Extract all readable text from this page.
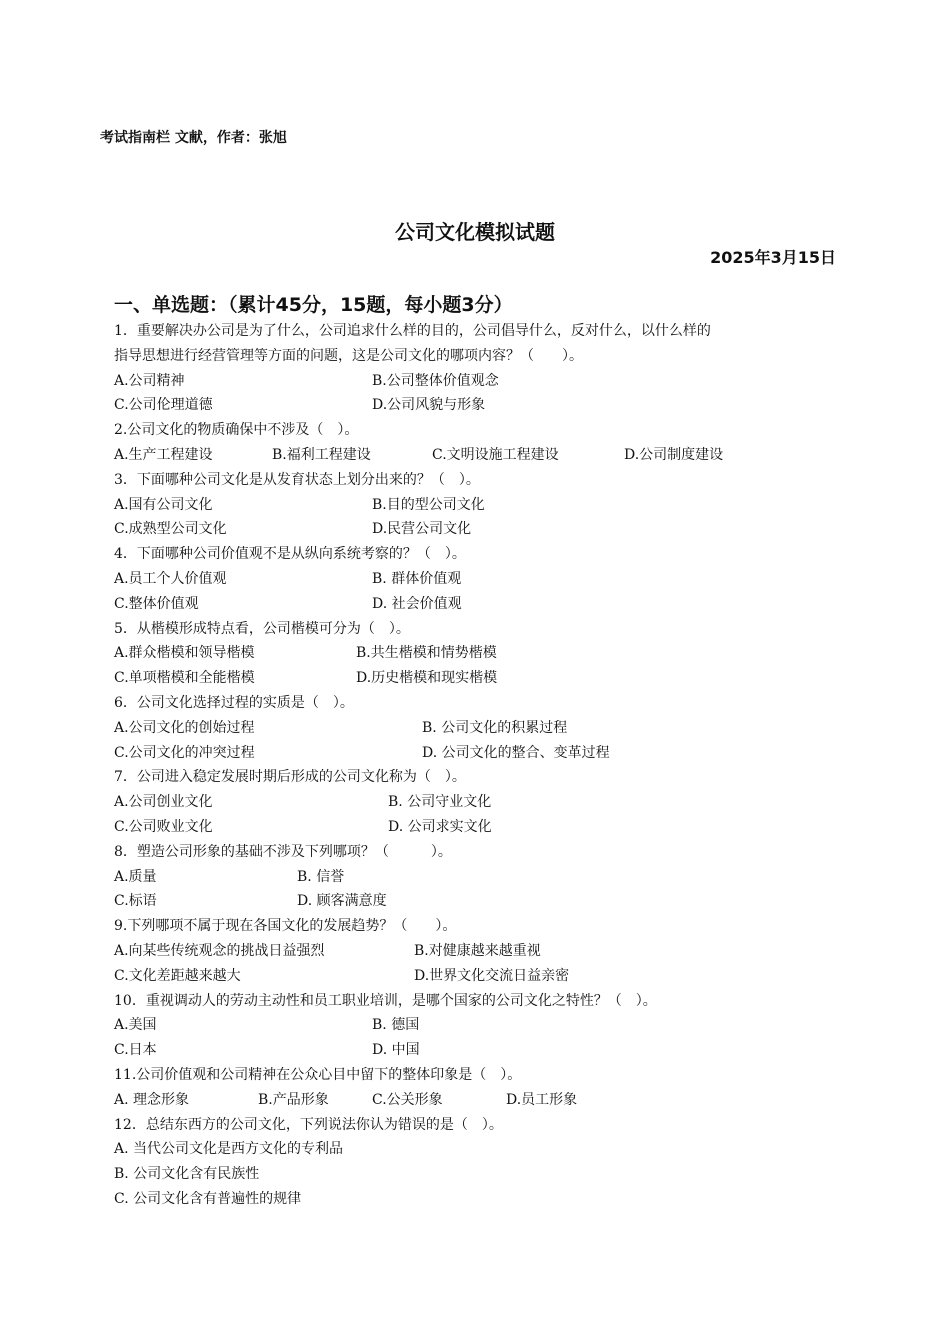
考试指南栏 文献，作者：张旭
公司文化模拟试题
2025年3月15日
一、单选题：（累计45分，15题，每小题3分）
1．重要解决办公司是为了什么，公司追求什么样的目的，公司倡导什么，反对什么，以什么样的
指导思想进行经营管理等方面的问题，这是公司文化的哪项内容？（　　）。
A.公司精神	B.公司整体价值观念
C.公司伦理道德	D.公司风貌与形象
2.公司文化的物质确保中不涉及（　）。
A.生产工程建设	B.福利工程建设	C.文明设施工程建设	D.公司制度建设
3．下面哪种公司文化是从发育状态上划分出来的？（　）。
A.国有公司文化	B.目的型公司文化
C.成熟型公司文化	D.民营公司文化
4．下面哪种公司价值观不是从纵向系统考察的？（　）。
A.员工个人价值观	B. 群体价值观
C.整体价值观	D. 社会价值观
5．从楷模形成特点看，公司楷模可分为（　）。
A.群众楷模和领导楷模	B.共生楷模和情势楷模
C.单项楷模和全能楷模	D.历史楷模和现实楷模
6．公司文化选择过程的实质是（　）。
A.公司文化的创始过程	B. 公司文化的积累过程
C.公司文化的冲突过程	D. 公司文化的整合、变革过程
7．公司进入稳定发展时期后形成的公司文化称为（　）。
A.公司创业文化	B. 公司守业文化
C.公司败业文化	D. 公司求实文化
8．塑造公司形象的基础不涉及下列哪项？（　　　）。
A.质量	B. 信誉
C.标语	D. 顾客满意度
9.下列哪项不属于现在各国文化的发展趋势？（　　）。
A.向某些传统观念的挑战日益强烈	B.对健康越来越重视
C.文化差距越来越大	D.世界文化交流日益亲密
10．重视调动人的劳动主动性和员工职业培训，是哪个国家的公司文化之特性？（　）。
A.美国	B. 德国
C.日本	D. 中国
11.公司价值观和公司精神在公众心目中留下的整体印象是（　）。
A. 理念形象	B.产品形象	C.公关形象	D.员工形象
12．总结东西方的公司文化，下列说法你认为错误的是（　）。
A. 当代公司文化是西方文化的专利品
B. 公司文化含有民族性
C. 公司文化含有普遍性的规律
